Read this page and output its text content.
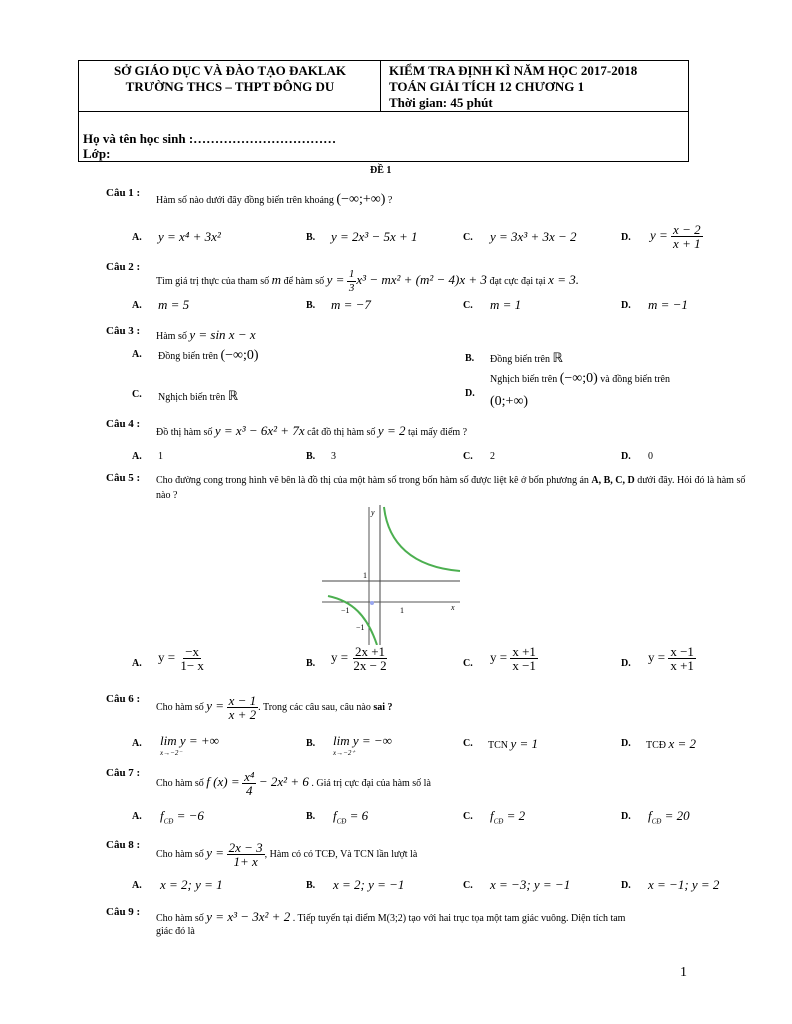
SỞ GIÁO DỤC VÀ ĐÀO TẠO ĐAKLAK
TRƯỜNG THCS – THPT ĐÔNG DU
KIỂM TRA ĐỊNH KÌ NĂM HỌC 2017-2018
TOÁN GIẢI TÍCH 12 CHƯƠNG 1
Thời gian: 45 phút
Họ và tên học sinh :……………………………
Lớp:
ĐỀ 1
Câu 1 :
Hàm số nào dưới đây đồng biến trên khoảng (−∞;+∞) ?
A. y = x⁴ + 3x²	B. y = 2x³ − 5x + 1	C. y = 3x³ + 3x − 2	D. $y = \frac{x - 2}{x + 1}$
Câu 2 :
Tìm giá trị thực của tham số m để hàm số $y = \frac{1}{3} x^3 - mx^2 + (m^2 - 4)x + 3$ đạt cực đại tại x = 3.
A. m = 5	B. m = −7	C. m = 1	D. m = −1
Câu 3 : Hàm số y = sin x − x
A. Đồng biến trên (−∞;0)	B. Đồng biến trên ℝ
C. Nghịch biến trên ℝ	D.
Nghịch biến trên (−∞;0) và đồng biến trên
(0;+∞)
Câu 4 :
Đồ thị hàm số y = x³ − 6x² + 7x cắt đồ thị hàm số y = 2 tại mấy điểm ?
A. 1	B. 3	C. 2	D. 0
Câu 5 : Cho đường cong trong hình vẽ bên là đồ thị của một hàm số trong bốn hàm số được liệt kê ở bốn phương án A, B, C, D dưới đây. Hỏi đó là hàm số nào ?
y
x
1
−1	1
−1
A. $y = \frac{-x}{1- x}$	B. $y = \frac{2x +1}{2x - 2}$	C. $y = \frac{x +1}{x -1}$	D. $y = \frac{x -1}{x +1}$
Câu 6 :
Cho hàm số $y = \frac{x - 1}{x + 2}$ . Trong các câu sau, câu nào sai ?
A. lim y = +∞
x→−2⁻
B. lim y = −∞
x→−2⁺
C. TCN y = 1	D. TCĐ x = 2
Câu 7 :
Cho hàm số f $(x) = \frac{\text{x⁴}}{4} - 2x^2 + 6$ . Giá trị cực đại của hàm số là
A. $f_{CĐ} = -6$	B. $f_{CĐ} = 6$	C. $f_{CĐ} = 2$	D. $f_{CĐ} = 20$
Câu 8 :
Cho hàm số $y = \frac{2x - 3}{1+ x}$ , Hàm có có TCĐ, Và TCN lần lượt là
A. x = 2; y = 1	B. x = 2; y = −1	C. x = −3; y = −1	D. x = −1; y = 2
Câu 9 :
Cho hàm số y = x³ − 3x² + 2 . Tiếp tuyến tại điểm M(3;2) tạo với hai trục tọa một tam giác vuông. Diện tích tam
giác đó là
1
